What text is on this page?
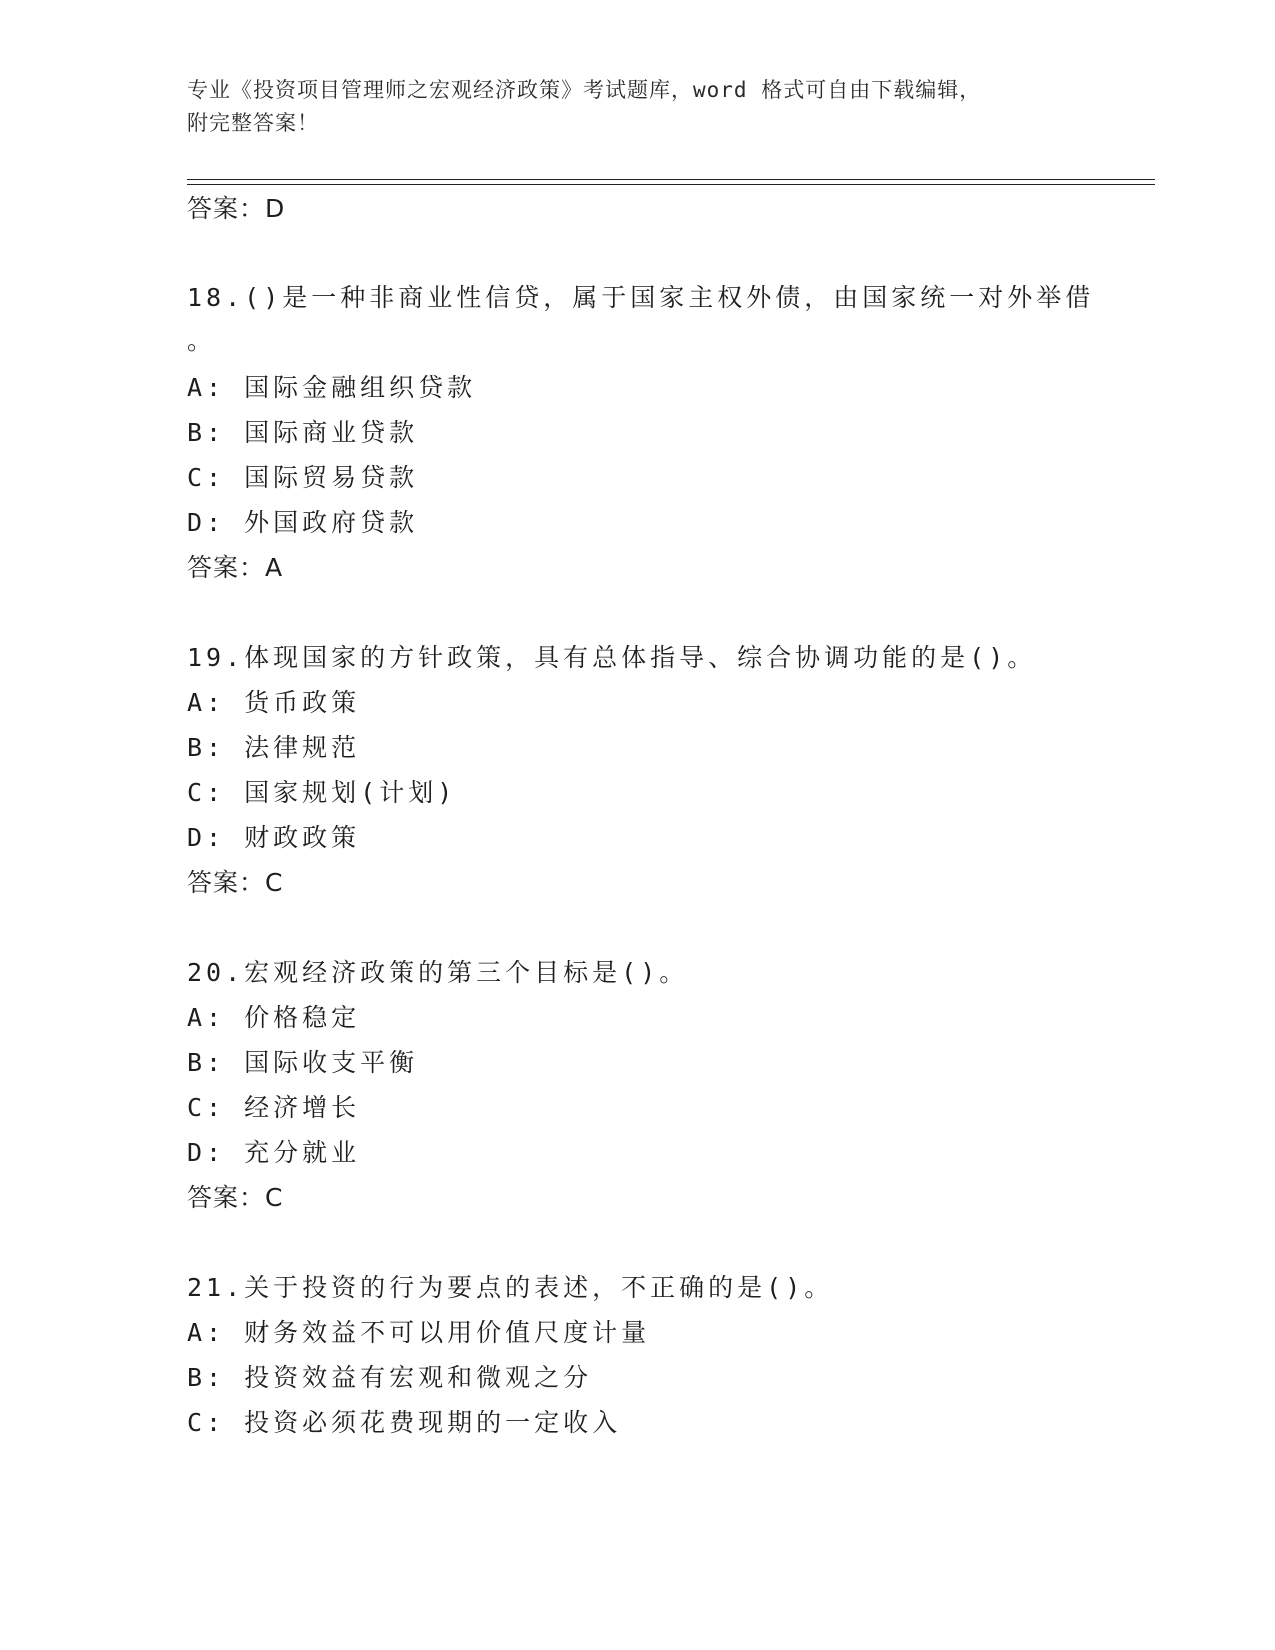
专业《投资项目管理师之宏观经济政策》考试题库，word 格式可自由下载编辑，
附完整答案！
答案：D
18.()是一种非商业性信贷，属于国家主权外债，由国家统一对外举借
。
A: 国际金融组织贷款
B: 国际商业贷款
C: 国际贸易贷款
D: 外国政府贷款
答案：A
19.体现国家的方针政策，具有总体指导、综合协调功能的是()。
A: 货币政策
B: 法律规范
C: 国家规划(计划)
D: 财政政策
答案：C
20.宏观经济政策的第三个目标是()。
A: 价格稳定
B: 国际收支平衡
C: 经济增长
D: 充分就业
答案：C
21.关于投资的行为要点的表述，不正确的是()。
A: 财务效益不可以用价值尺度计量
B: 投资效益有宏观和微观之分
C: 投资必须花费现期的一定收入
